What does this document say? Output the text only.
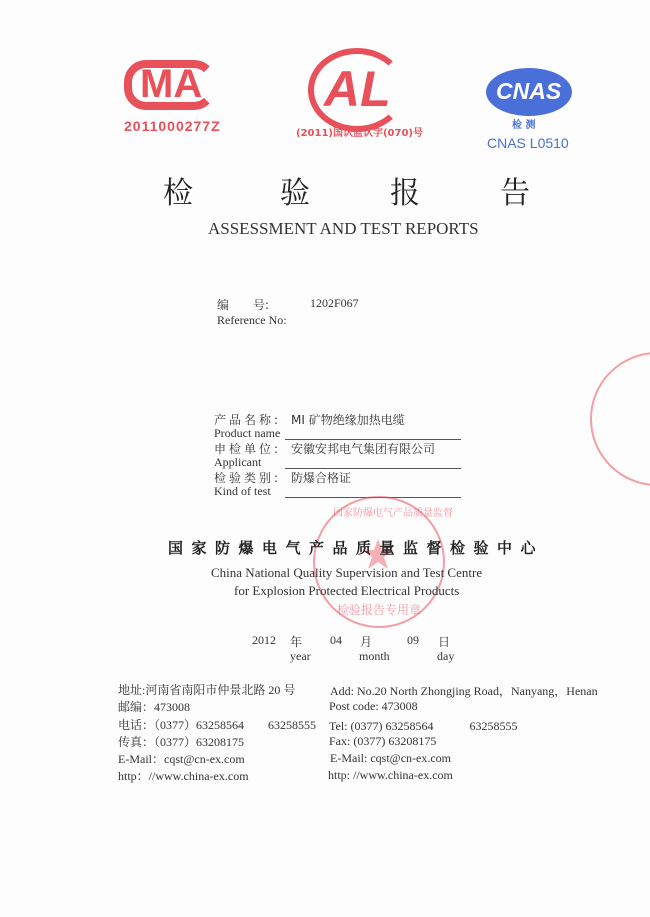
MA
2011000277Z
AL
(2011)国认监认字(070)号
CNAS
检 测
CNAS L0510
检	验	报	告
ASSESSMENT AND TEST REPORTS
编　　号:	1202F067
Reference No:
产品名称: MI 矿物绝缘加热电缆
Product name
申检单位: 安徽安邦电气集团有限公司
Applicant
检验类别: 防爆合格证
Kind of test
国家防爆电气产品质量监督
检验报告专用章
国家防爆电气产品质量监督检验中心
China National Quality Supervision and Test Centre
for Explosion Protected Electrical Products
2012 年
year
04 月
month
09 日
day
地址:河南省南阳市仲景北路 20 号
邮编：473008
电话：（0377）63258564　　63258555
传真：（0377）63208175
E-Mail：cqst@cn-ex.com
http：//www.china-ex.com
Add: No.20 North Zhongjing Road，Nanyang，Henan
Post code: 473008
Tel: (0377) 63258564　　　63258555
Fax: (0377) 63208175
E-Mail: cqst@cn-ex.com
http: //www.china-ex.com
